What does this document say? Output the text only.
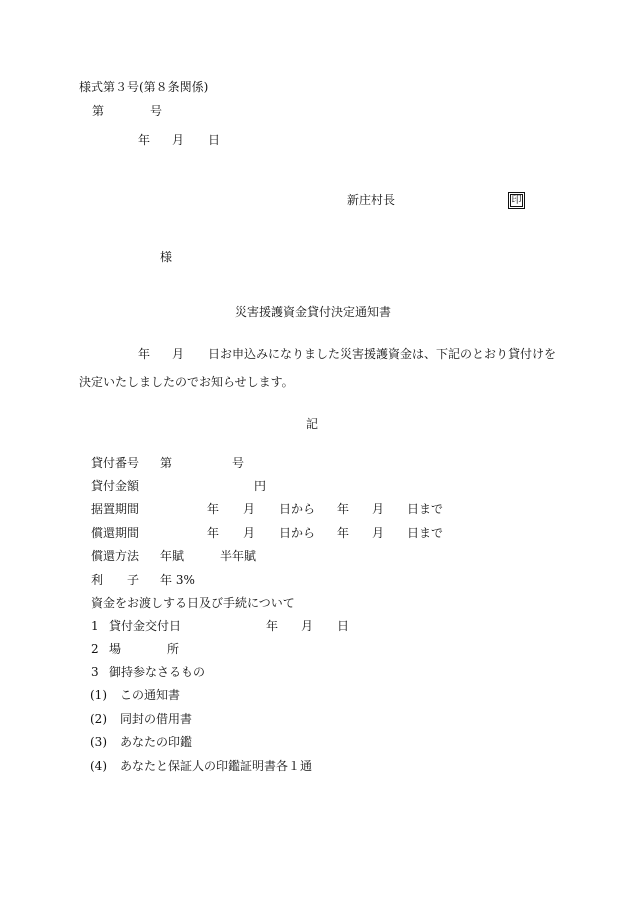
様式第３号(第８条関係)
第	号
年 月 日
新庄村長	印
様
災害援護資金貸付決定通知書
年 月 日お申込みになりました災害援護資金は、下記のとおり貸付けを
決定いたしましたのでお知らせします。
記
貸付番号 第	号
貸付金額	円
据置期間	年 月 日から 年 月 日まで
償還期間	年 月 日から 年 月 日まで
償還方法 年賦	半年賦
利 子 年 3%
資金をお渡しする日及び手続について
1 貸付金交付日	年 月 日
2 場	所
3 御持参なさるもの
(1) この通知書
(2) 同封の借用書
(3) あなたの印鑑
(4) あなたと保証人の印鑑証明書各１通
